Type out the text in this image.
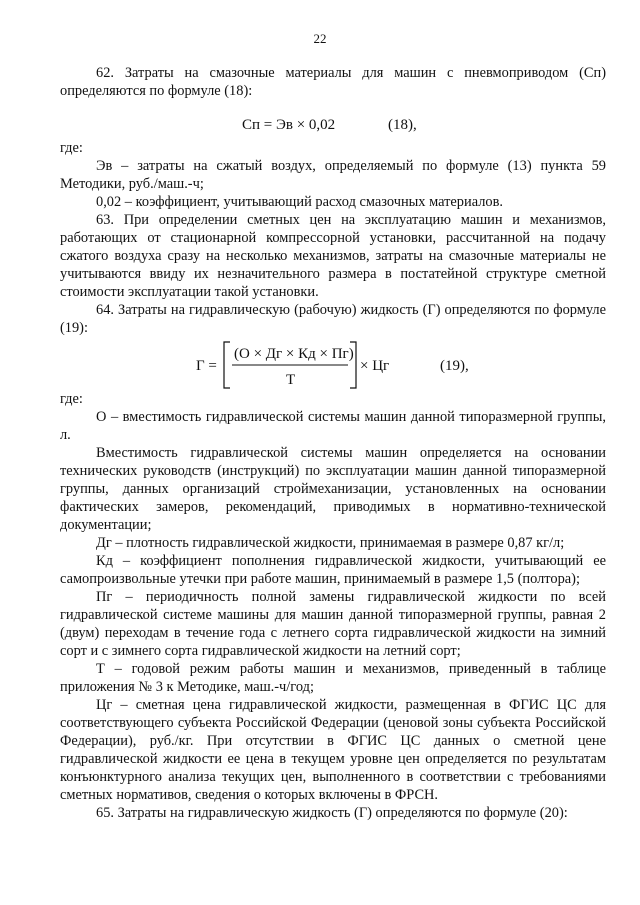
22

62. Затраты на смазочные материалы для машин с пневмоприводом (Сп) определяются по формуле (18):

Сп = Эв × 0,02	(18),

где:

Эв – затраты на сжатый воздух, определяемый по формуле (13) пункта 59 Методики, руб./маш.-ч;

0,02 – коэффициент, учитывающий расход смазочных материалов.

63. При определении сметных цен на эксплуатацию машин и механизмов, работающих от стационарной компрессорной установки, рассчитанной на подачу сжатого воздуха сразу на несколько механизмов, затраты на смазочные материалы не учитываются ввиду их незначительного размера в постатейной структуре сметной стоимости эксплуатации такой установки.

64. Затраты на гидравлическую (рабочую) жидкость (Г) определяются по формуле (19):

Г =
(О × Дг × Кд × Пг)
Т
× Цг	(19),

где:

О – вместимость гидравлической системы машин данной типоразмерной группы, л.

Вместимость гидравлической системы машин определяется на основании технических руководств (инструкций) по эксплуатации машин данной типоразмерной группы, данных организаций строймеханизации, установленных на основании фактических замеров, рекомендаций, приводимых в нормативно-технической документации;

Дг – плотность гидравлической жидкости, принимаемая в размере 0,87 кг/л;

Кд – коэффициент пополнения гидравлической жидкости, учитывающий ее самопроизвольные утечки при работе машин, принимаемый в размере 1,5 (полтора);

Пг – периодичность полной замены гидравлической жидкости по всей гидравлической системе машины для машин данной типоразмерной группы, равная 2 (двум) переходам в течение года с летнего сорта гидравлической жидкости на зимний сорт и с зимнего сорта гидравлической жидкости на летний сорт;

Т – годовой режим работы машин и механизмов, приведенный в таблице приложения № 3 к Методике, маш.-ч/год;

Цг – сметная цена гидравлической жидкости, размещенная в ФГИС ЦС для соответствующего субъекта Российской Федерации (ценовой зоны субъекта Российской Федерации), руб./кг. При отсутствии в ФГИС ЦС данных о сметной цене гидравлической жидкости ее цена в текущем уровне цен определяется по результатам конъюнктурного анализа текущих цен, выполненного в соответствии с требованиями сметных нормативов, сведения о которых включены в ФРСН.

65. Затраты на гидравлическую жидкость (Г) определяются по формуле (20):
